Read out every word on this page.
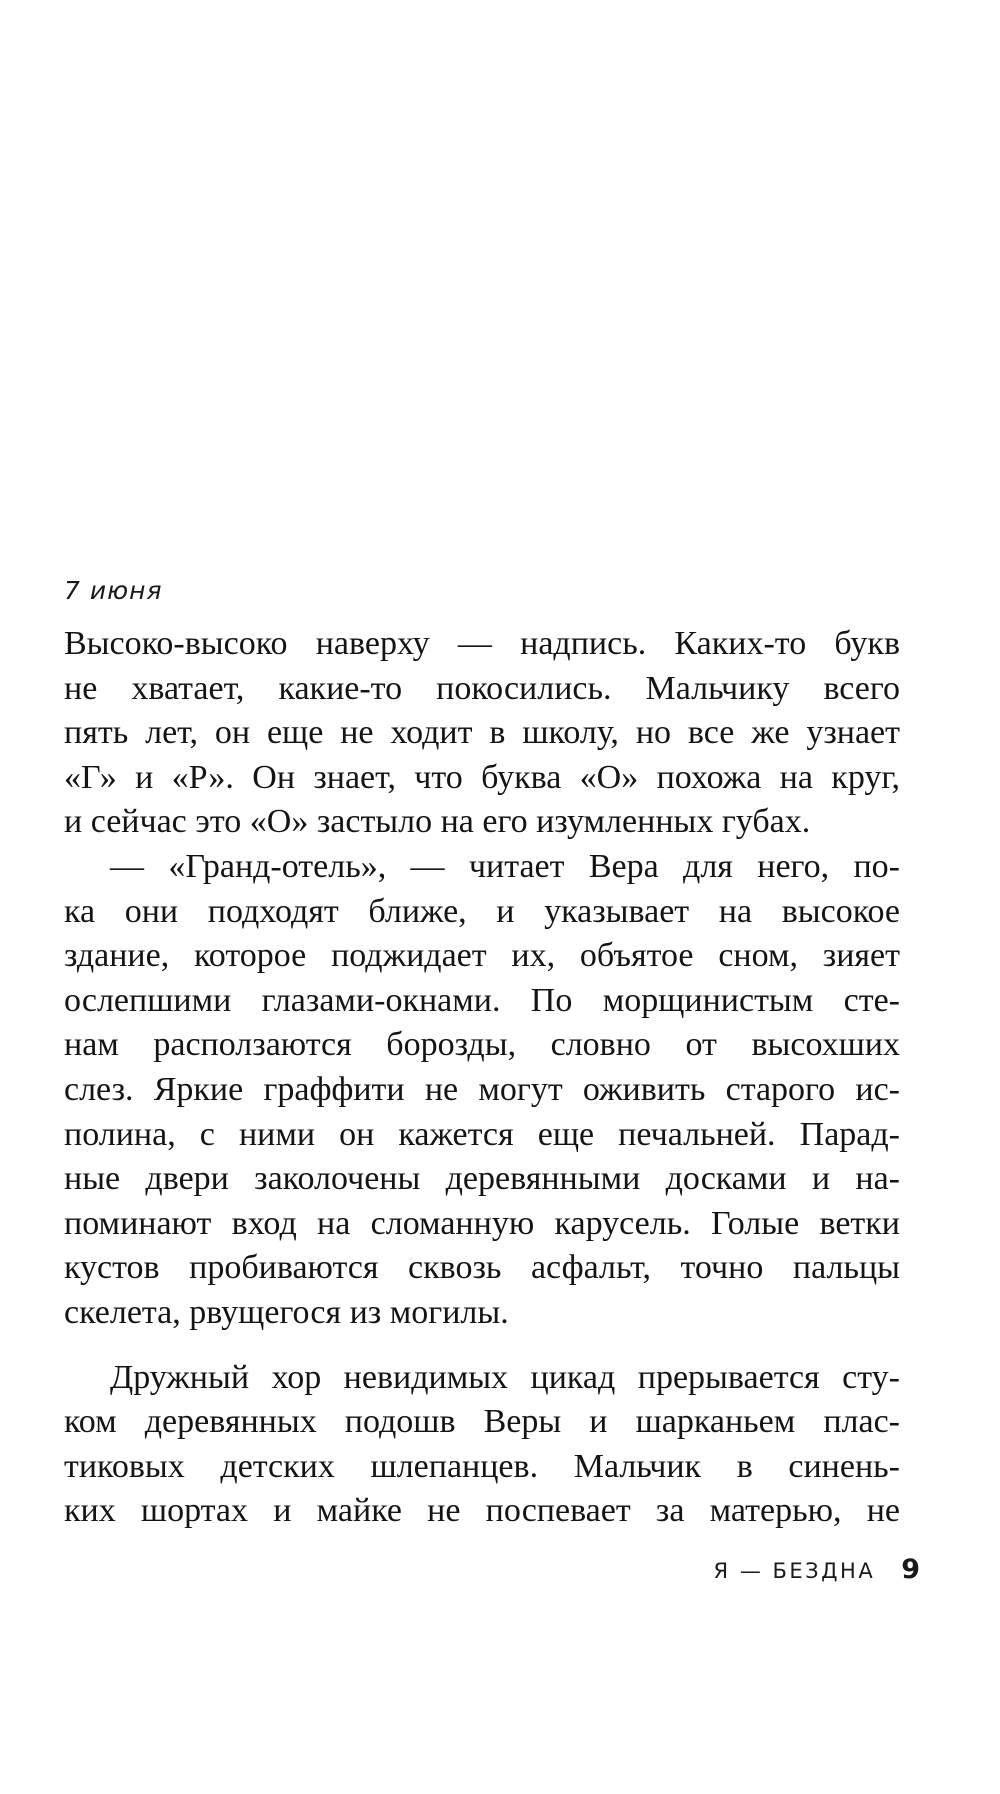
7 июня
Высоко-высоко наверху — надпись. Каких-то букв
не хватает, какие-то покосились. Мальчику всего
пять лет, он еще не ходит в школу, но все же узнает
«Г» и «Р». Он знает, что буква «О» похожа на круг,
и сейчас это «О» застыло на его изумленных губах.
— «Гранд-отель», — читает Вера для него, по-
ка они подходят ближе, и указывает на высокое
здание, которое поджидает их, объятое сном, зияет
ослепшими глазами-окнами. По морщинистым сте-
нам расползаются борозды, словно от высохших
слез. Яркие граффити не могут оживить старого ис-
полина, с ними он кажется еще печальней. Парад-
ные двери заколочены деревянными досками и на-
поминают вход на сломанную карусель. Голые ветки
кустов пробиваются сквозь асфальт, точно пальцы
скелета, рвущегося из могилы.
Дружный хор невидимых цикад прерывается сту-
ком деревянных подошв Веры и шарканьем плас-
тиковых детских шлепанцев. Мальчик в синень-
ких шортах и майке не поспевает за матерью, не
Я — БЕЗДНА 9
